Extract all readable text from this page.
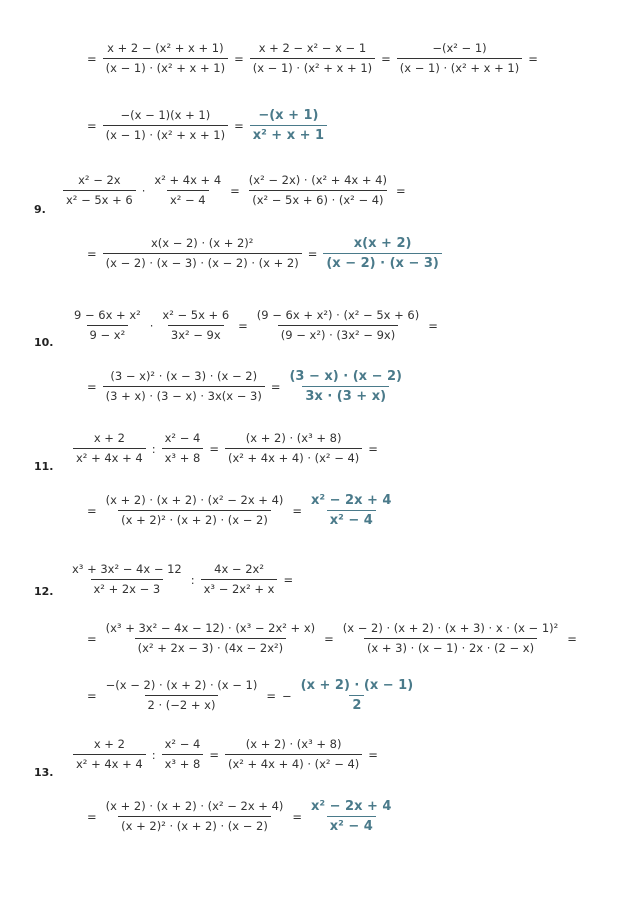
9.
10.
11.
12.
13.
= $\frac{\text{x + 2 − (x² + x + 1)}}{\text{(x − 1) · (x² + x + 1)}} = \frac{\text{x + 2 − x² − x − 1}}{\text{(x − 1) · (x² + x + 1)}} = \frac{\text{−(x² − 1)}}{\text{(x − 1) · (x² + x + 1)}}$ =
= $\frac{-(x - 1)(x + 1)}{\text{(x − 1) · (x² + x + 1)}} = \frac{-(x + 1)}{\text{x² + x + 1}}$
$\frac{\text{x² − 2x}}{\text{x² − 5x + 6}} \cdot \frac{\text{x² + 4x + 4}}{\text{x² − 4}} = \frac{\text{(x² − 2x) · (x² + 4x + 4)}}{\text{(x² − 5x + 6) · (x² − 4)}}$ =
= $\frac{\text{x(x − 2) · (x + 2)²}}{(x - 2) \cdot (x - 3) \cdot (x - 2) \cdot (x + 2)} = \frac{x(x + 2)}{(x - 2) \cdot (x - 3)}$
$\frac{\text{9 − 6x + x²}}{\text{9 − x²}} \cdot \frac{\text{x² − 5x + 6}}{\text{3x² − 9x}} = \frac{\text{(9 − 6x + x²) · (x² − 5x + 6)}}{\text{(9 − x²) · (3x² − 9x)}}$ =
= $\frac{\text{(3 − x)² · (x − 3) · (x − 2)}}{(3 + x) \cdot (3 - x) \cdot 3x(x - 3)} = \frac{(3 - x) \cdot (x - 2)}{3x \cdot (3 + x)}$
$\frac{x + 2}{\text{x² + 4x + 4}}$ : $\frac{\text{x² − 4}}{\text{x³ + 8}} = \frac{\text{(x + 2) · (x³ + 8)}}{\text{(x² + 4x + 4) · (x² − 4)}}$ =
= $\frac{\text{(x + 2) · (x + 2) · (x² − 2x + 4)}}{\text{(x + 2)² · (x + 2) · (x − 2)}} = \frac{\text{x² − 2x + 4}}{\text{x² − 4}}$
$\frac{\text{x³ + 3x² − 4x − 12}}{\text{x² + 2x − 3}}$ : $\frac{\text{4x − 2x²}}{\text{x³ − 2x² + x}}$ =
= $\frac{\text{(x³ + 3x² − 4x − 12) · (x³ − 2x² + x)}}{\text{(x² + 2x − 3) · (4x − 2x²)}} = \frac{\text{(x − 2) · (x + 2) · (x + 3) · x · (x − 1)²}}{(x + 3) \cdot (x - 1) \cdot 2x \cdot (2 - x)}$ =
= $\frac{-(x - 2) \cdot (x + 2) \cdot (x - 1)}{2 \cdot (-2 + x)}$ = − $\frac{(x + 2) \cdot (x - 1)}{2}$
$\frac{x + 2}{\text{x² + 4x + 4}}$ : $\frac{\text{x² − 4}}{\text{x³ + 8}} = \frac{\text{(x + 2) · (x³ + 8)}}{\text{(x² + 4x + 4) · (x² − 4)}}$ =
= $\frac{\text{(x + 2) · (x + 2) · (x² − 2x + 4)}}{\text{(x + 2)² · (x + 2) · (x − 2)}} = \frac{\text{x² − 2x + 4}}{\text{x² − 4}}$
